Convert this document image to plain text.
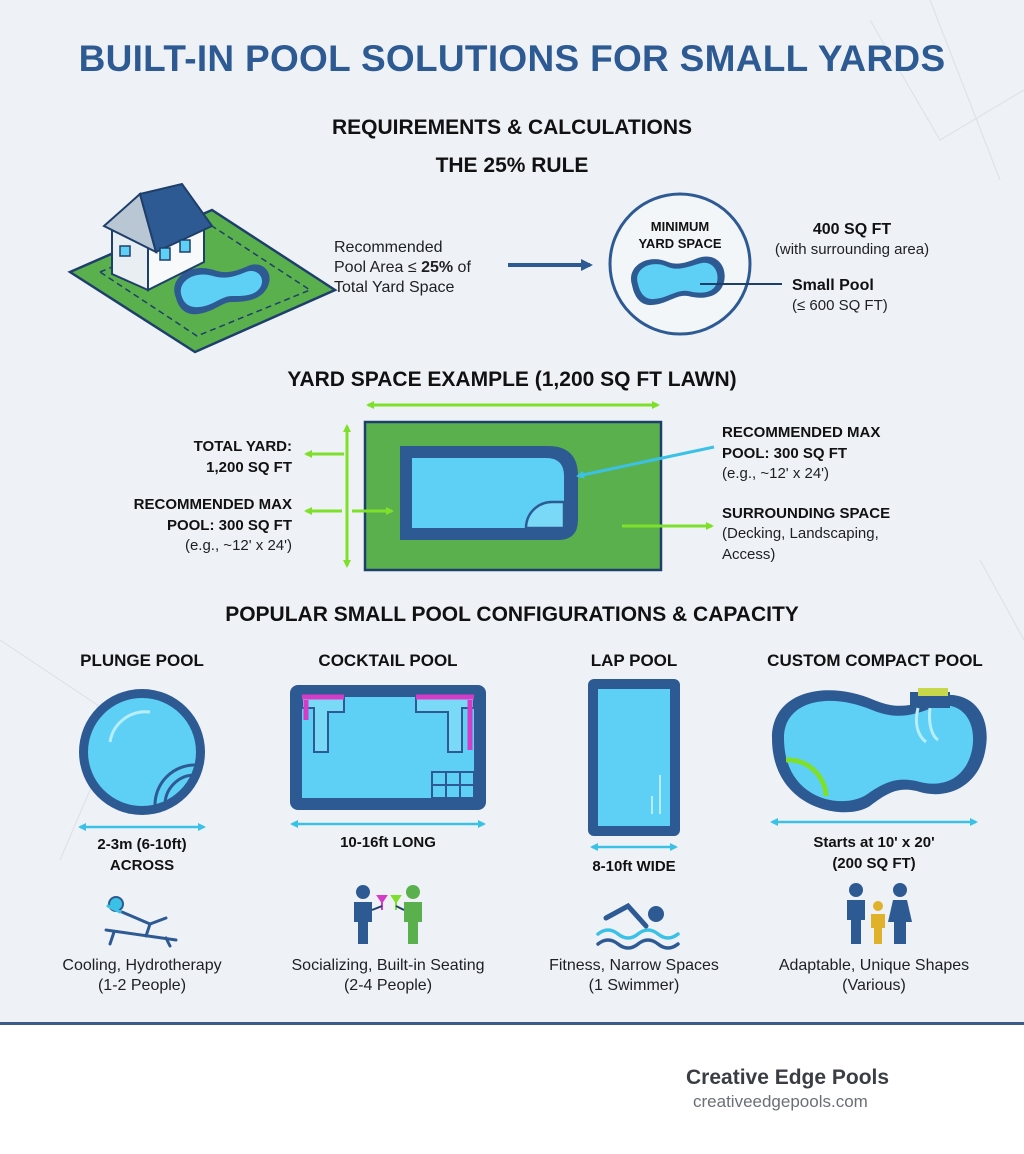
BUILT-IN POOL SOLUTIONS FOR SMALL YARDS
REQUIREMENTS & CALCULATIONS
THE 25% RULE
Recommended
Pool Area ≤ 25% of
Total Yard Space
MINIMUM
YARD SPACE
400 SQ FT
(with surrounding area)
Small Pool
(≤ 600 SQ FT)
YARD SPACE EXAMPLE (1,200 SQ FT LAWN)
TOTAL YARD:
1,200 SQ FT
RECOMMENDED MAX
POOL: 300 SQ FT
(e.g., ~12' x 24')
RECOMMENDED MAX
POOL: 300 SQ FT
(e.g., ~12' x 24')
SURROUNDING SPACE
(Decking, Landscaping,
Access)
POPULAR SMALL POOL CONFIGURATIONS & CAPACITY
PLUNGE POOL
2-3m (6-10ft)
ACROSS
Cooling, Hydrotherapy
(1-2 People)
COCKTAIL POOL
10-16ft LONG
Socializing, Built-in Seating
(2-4 People)
LAP POOL
8-10ft WIDE
Fitness, Narrow Spaces
(1 Swimmer)
CUSTOM COMPACT POOL
Starts at 10' x 20'
(200 SQ FT)
Adaptable, Unique Shapes
(Various)
Creative Edge Pools
creativeedgepools.com
